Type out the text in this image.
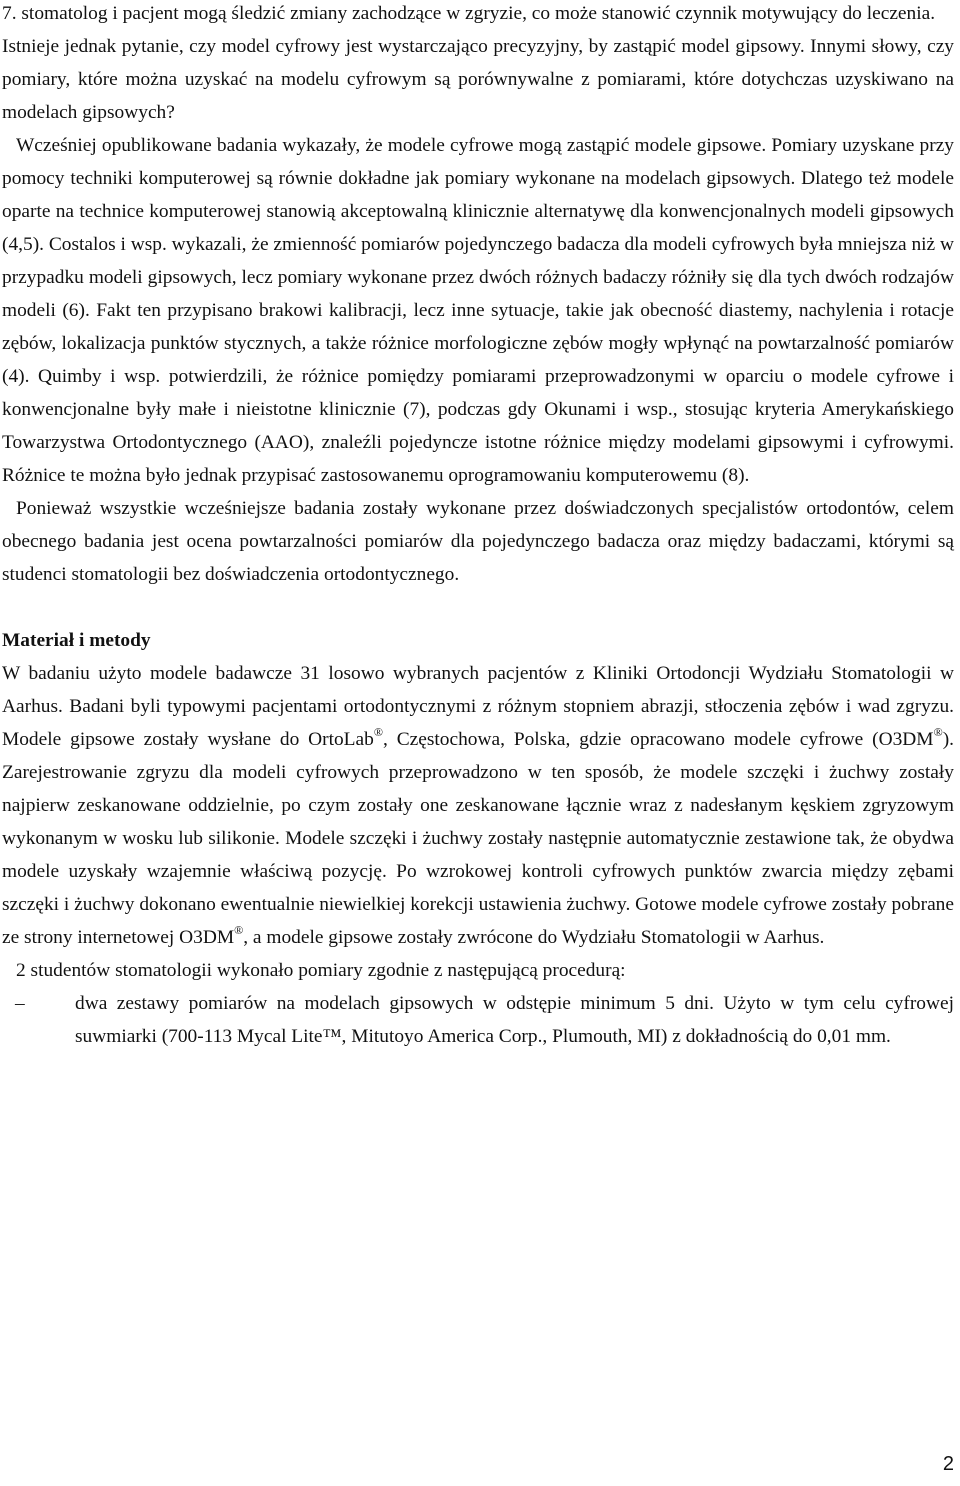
7. stomatolog i pacjent mogą śledzić zmiany zachodzące w zgryzie, co może stanowić czynnik motywujący do leczenia.

Istnieje jednak pytanie, czy model cyfrowy jest wystarczająco precyzyjny, by zastąpić model gipsowy. Innymi słowy, czy pomiary, które można uzyskać na modelu cyfrowym są porównywalne z pomiarami, które dotychczas uzyskiwano na modelach gipsowych?

Wcześniej opublikowane badania wykazały, że modele cyfrowe mogą zastąpić modele gipsowe. Pomiary uzyskane przy pomocy techniki komputerowej są równie dokładne jak pomiary wykonane na modelach gipsowych. Dlatego też modele oparte na technice komputerowej stanowią akceptowalną klinicznie alternatywę dla konwencjonalnych modeli gipsowych (4,5). Costalos i wsp. wykazali, że zmienność pomiarów pojedynczego badacza dla modeli cyfrowych była mniejsza niż w przypadku modeli gipsowych, lecz pomiary wykonane przez dwóch różnych badaczy różniły się dla tych dwóch rodzajów modeli (6). Fakt ten przypisano brakowi kalibracji, lecz inne sytuacje, takie jak obecność diastemy, nachylenia i rotacje zębów, lokalizacja punktów stycznych, a także różnice morfologiczne zębów mogły wpłynąć na powtarzalność pomiarów (4). Quimby i wsp. potwierdzili, że różnice pomiędzy pomiarami przeprowadzonymi w oparciu o modele cyfrowe i konwencjonalne były małe i nieistotne klinicznie (7), podczas gdy Okunami i wsp., stosując kryteria Amerykańskiego Towarzystwa Ortodontycznego (AAO), znaleźli pojedyncze istotne różnice między modelami gipsowymi i cyfrowymi. Różnice te można było jednak przypisać zastosowanemu oprogramowaniu komputerowemu (8).

Ponieważ wszystkie wcześniejsze badania zostały wykonane przez doświadczonych specjalistów ortodontów, celem obecnego badania jest ocena powtarzalności pomiarów dla pojedynczego badacza oraz między badaczami, którymi są studenci stomatologii bez doświadczenia ortodontycznego.

Materiał i metody

W badaniu użyto modele badawcze 31 losowo wybranych pacjentów z Kliniki Ortodoncji Wydziału Stomatologii w Aarhus. Badani byli typowymi pacjentami ortodontycznymi z różnym stopniem abrazji, stłoczenia zębów i wad zgryzu. Modele gipsowe zostały wysłane do OrtoLab®, Częstochowa, Polska, gdzie opracowano modele cyfrowe (O3DM®). Zarejestrowanie zgryzu dla modeli cyfrowych przeprowadzono w ten sposób, że modele szczęki i żuchwy zostały najpierw zeskanowane oddzielnie, po czym zostały one zeskanowane łącznie wraz z nadesłanym kęskiem zgryzowym wykonanym w wosku lub silikonie. Modele szczęki i żuchwy zostały następnie automatycznie zestawione tak, że obydwa modele uzyskały wzajemnie właściwą pozycję. Po wzrokowej kontroli cyfrowych punktów zwarcia między zębami szczęki i żuchwy dokonano ewentualnie niewielkiej korekcji ustawienia żuchwy. Gotowe modele cyfrowe zostały pobrane ze strony internetowej O3DM®, a modele gipsowe zostały zwrócone do Wydziału Stomatologii w Aarhus.

2 studentów stomatologii wykonało pomiary zgodnie z następującą procedurą:

–	dwa zestawy pomiarów na modelach gipsowych w odstępie minimum 5 dni. Użyto w tym celu cyfrowej suwmiarki (700-113 Mycal Lite™, Mitutoyo America Corp., Plumouth, MI) z dokładnością do 0,01 mm.
2
